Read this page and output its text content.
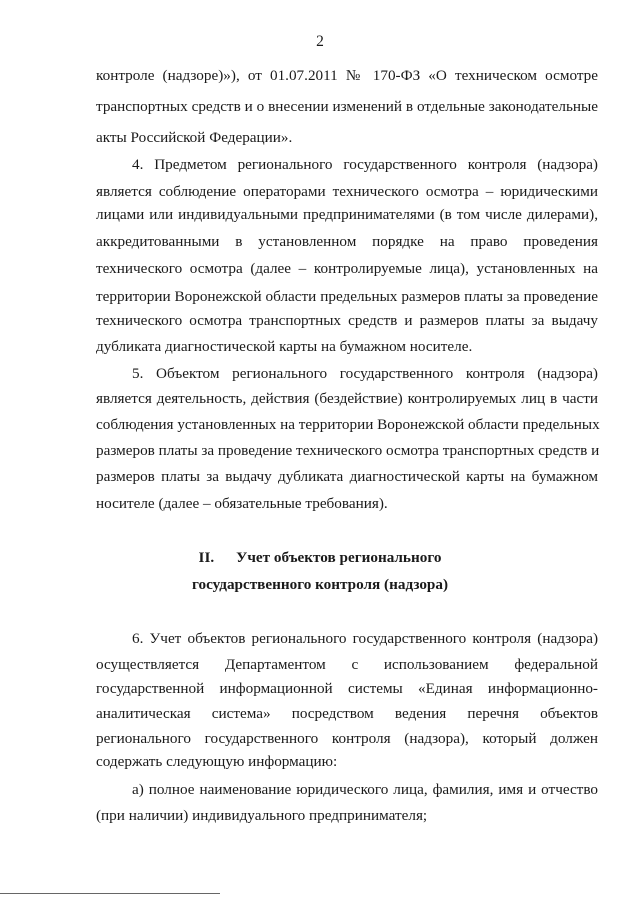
2
контроле (надзоре)»), от 01.07.2011 № 170-ФЗ «О техническом осмотре
транспортных средств и о внесении изменений в отдельные законодательные
акты Российской Федерации».
4. Предметом регионального государственного контроля (надзора)
является соблюдение операторами технического осмотра – юридическими
лицами или индивидуальными предпринимателями (в том числе дилерами),
аккредитованными в установленном порядке на право проведения
технического осмотра (далее – контролируемые лица), установленных на
территории Воронежской области предельных размеров платы за проведение
технического осмотра транспортных средств и размеров платы за выдачу
дубликата диагностической карты на бумажном носителе.
5. Объектом регионального государственного контроля (надзора)
является деятельность, действия (бездействие) контролируемых лиц в части
соблюдения установленных на территории Воронежской области предельных
размеров платы за проведение технического осмотра транспортных средств и
размеров платы за выдачу дубликата диагностической карты на бумажном
носителе (далее – обязательные требования).
II. Учет объектов регионального
государственного контроля (надзора)
6. Учет объектов регионального государственного контроля (надзора)
осуществляется Департаментом с использованием федеральной
государственной информационной системы «Единая информационно-
аналитическая система» посредством ведения перечня объектов
регионального государственного контроля (надзора), который должен
содержать следующую информацию:
а) полное наименование юридического лица, фамилия, имя и отчество
(при наличии) индивидуального предпринимателя;
